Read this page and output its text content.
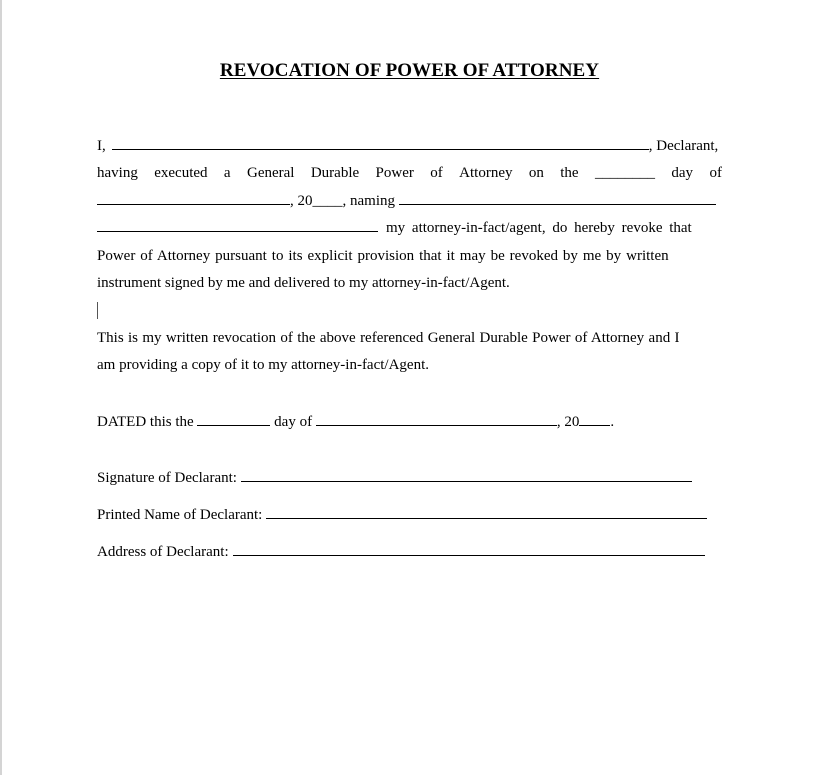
REVOCATION OF POWER OF ATTORNEY
I,	, Declarant,
having executed a General Durable Power of Attorney on the ________ day of
, 20____, naming
my attorney-in-fact/agent, do hereby revoke that
Power of Attorney pursuant to its explicit provision that it may be revoked by me by written
instrument signed by me and delivered to my attorney-in-fact/Agent.
This is my written revocation of the above referenced General Durable Power of Attorney and I
am providing a copy of it to my attorney-in-fact/Agent.
DATED this the	day of	, 20 .
Signature of Declarant:
Printed Name of Declarant:
Address of Declarant:
